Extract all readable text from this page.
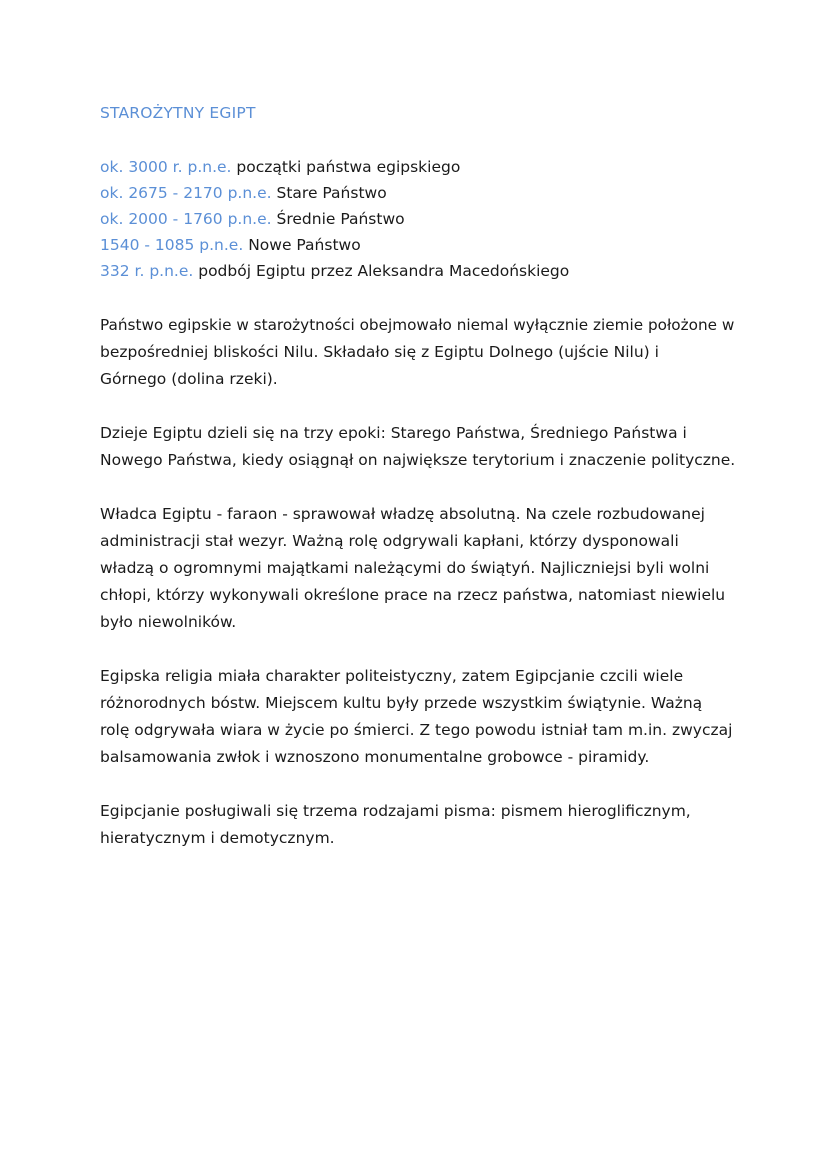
STAROŻYTNY EGIPT
ok. 3000 r. p.n.e. początki państwa egipskiego
ok. 2675 - 2170 p.n.e. Stare Państwo
ok. 2000 - 1760 p.n.e. Średnie Państwo
1540 - 1085 p.n.e. Nowe Państwo
332 r. p.n.e. podbój Egiptu przez Aleksandra Macedońskiego
Państwo egipskie w starożytności obejmowało niemal wyłącznie ziemie położone w
bezpośredniej bliskości Nilu. Składało się z Egiptu Dolnego (ujście Nilu) i
Górnego (dolina rzeki).
Dzieje Egiptu dzieli się na trzy epoki: Starego Państwa, Średniego Państwa i
Nowego Państwa, kiedy osiągnął on największe terytorium i znaczenie polityczne.
Władca Egiptu - faraon - sprawował władzę absolutną. Na czele rozbudowanej
administracji stał wezyr. Ważną rolę odgrywali kapłani, którzy dysponowali
władzą o ogromnymi majątkami należącymi do świątyń. Najliczniejsi byli wolni
chłopi, którzy wykonywali określone prace na rzecz państwa, natomiast niewielu
było niewolników.
Egipska religia miała charakter politeistyczny, zatem Egipcjanie czcili wiele
różnorodnych bóstw. Miejscem kultu były przede wszystkim świątynie. Ważną
rolę odgrywała wiara w życie po śmierci. Z tego powodu istniał tam m.in. zwyczaj
balsamowania zwłok i wznoszono monumentalne grobowce - piramidy.
Egipcjanie posługiwali się trzema rodzajami pisma: pismem hieroglificznym,
hieratycznym i demotycznym.
